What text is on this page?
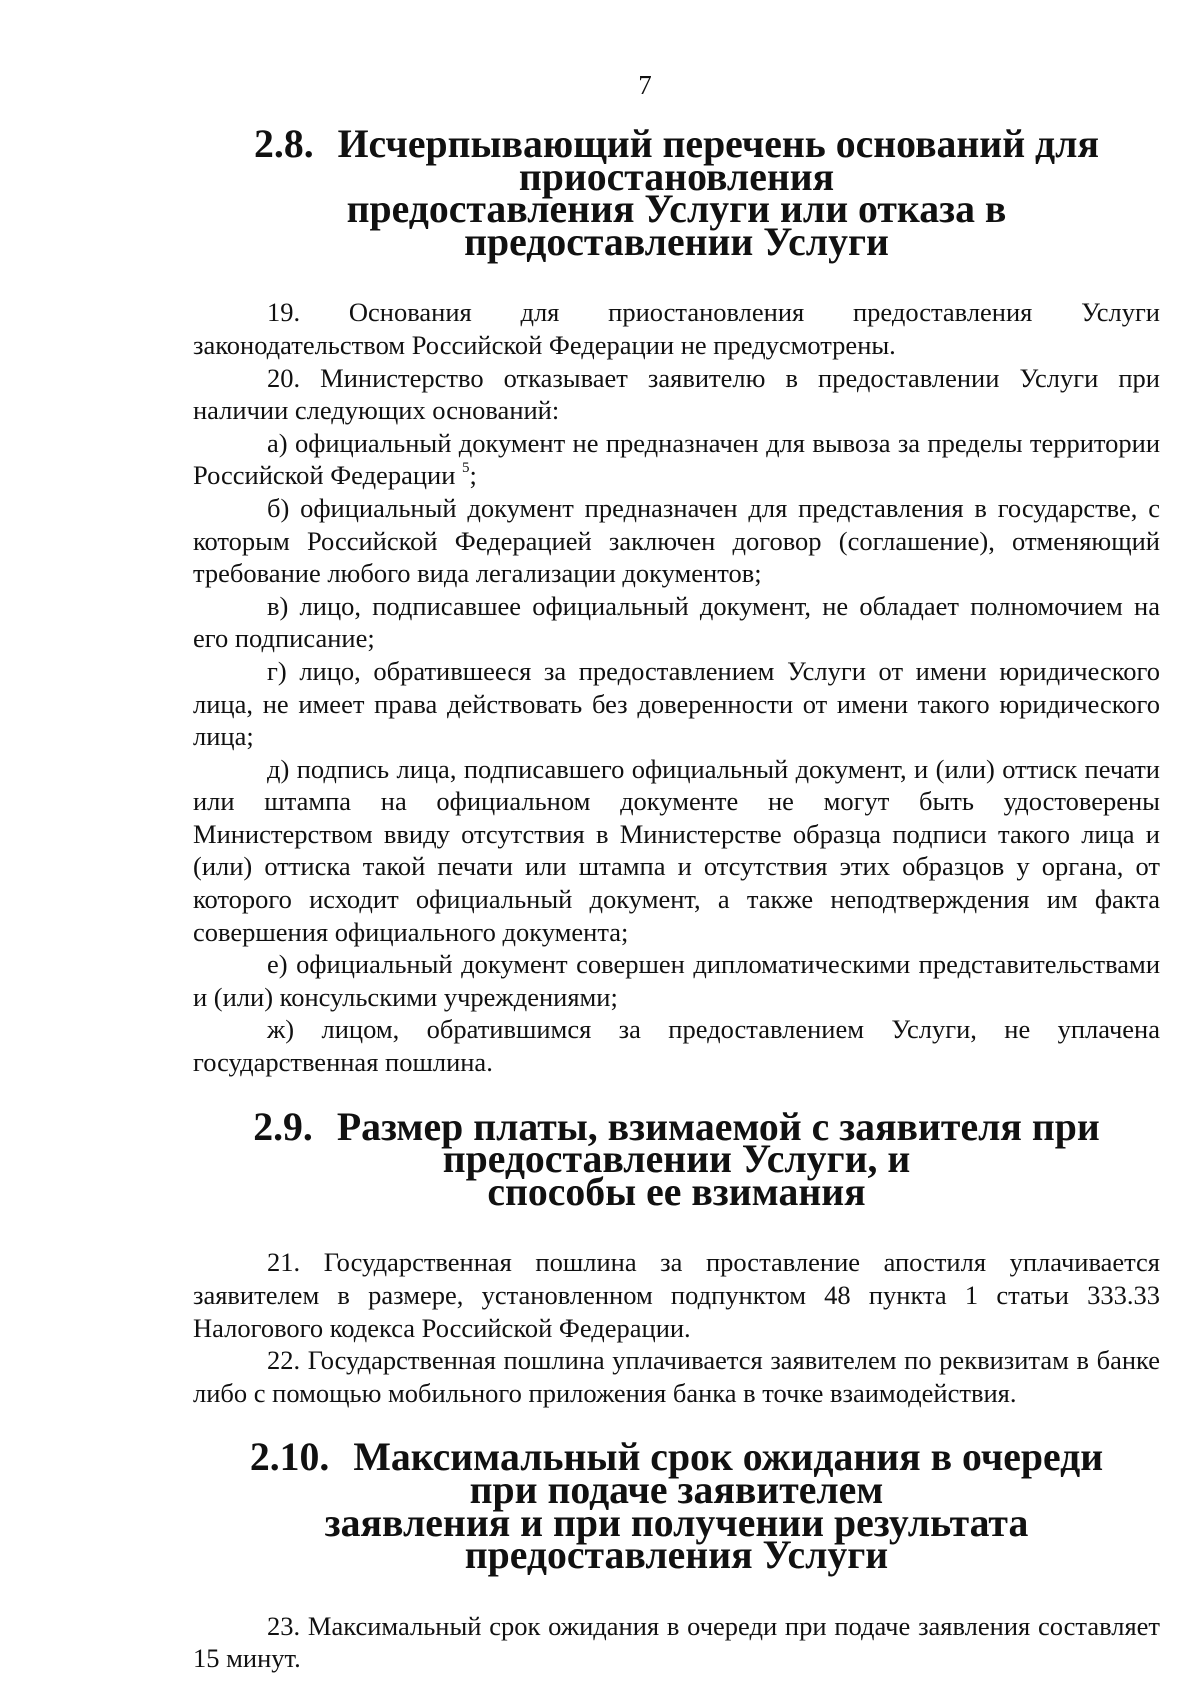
7
2.8. Исчерпывающий перечень оснований для приостановления
предоставления Услуги или отказа в предоставлении Услуги

19. Основания для приостановления предоставления Услуги законодательством Российской Федерации не предусмотрены.

20. Министерство отказывает заявителю в предоставлении Услуги при наличии следующих оснований:

а) официальный документ не предназначен для вывоза за пределы территории Российской Федерации $^5$;

б) официальный документ предназначен для представления в государстве, с которым Российской Федерацией заключен договор (соглашение), отменяющий требование любого вида легализации документов;

в) лицо, подписавшее официальный документ, не обладает полномочием на его подписание;

г) лицо, обратившееся за предоставлением Услуги от имени юридического лица, не имеет права действовать без доверенности от имени такого юридического лица;

д) подпись лица, подписавшего официальный документ, и (или) оттиск печати или штампа на официальном документе не могут быть удостоверены Министерством ввиду отсутствия в Министерстве образца подписи такого лица и (или) оттиска такой печати или штампа и отсутствия этих образцов у органа, от которого исходит официальный документ, а также неподтверждения им факта совершения официального документа;

е) официальный документ совершен дипломатическими представительствами и (или) консульскими учреждениями;

ж) лицом, обратившимся за предоставлением Услуги, не уплачена государственная пошлина.

2.9. Размер платы, взимаемой с заявителя при предоставлении Услуги, и
способы ее взимания

21. Государственная пошлина за проставление апостиля уплачивается заявителем в размере, установленном подпунктом 48 пункта 1 статьи 333.33 Налогового кодекса Российской Федерации.

22. Государственная пошлина уплачивается заявителем по реквизитам в банке либо с помощью мобильного приложения банка в точке взаимодействия.

2.10. Максимальный срок ожидания в очереди при подаче заявителем
заявления и при получении результата предоставления Услуги

23. Максимальный срок ожидания в очереди при подаче заявления составляет 15 минут.
